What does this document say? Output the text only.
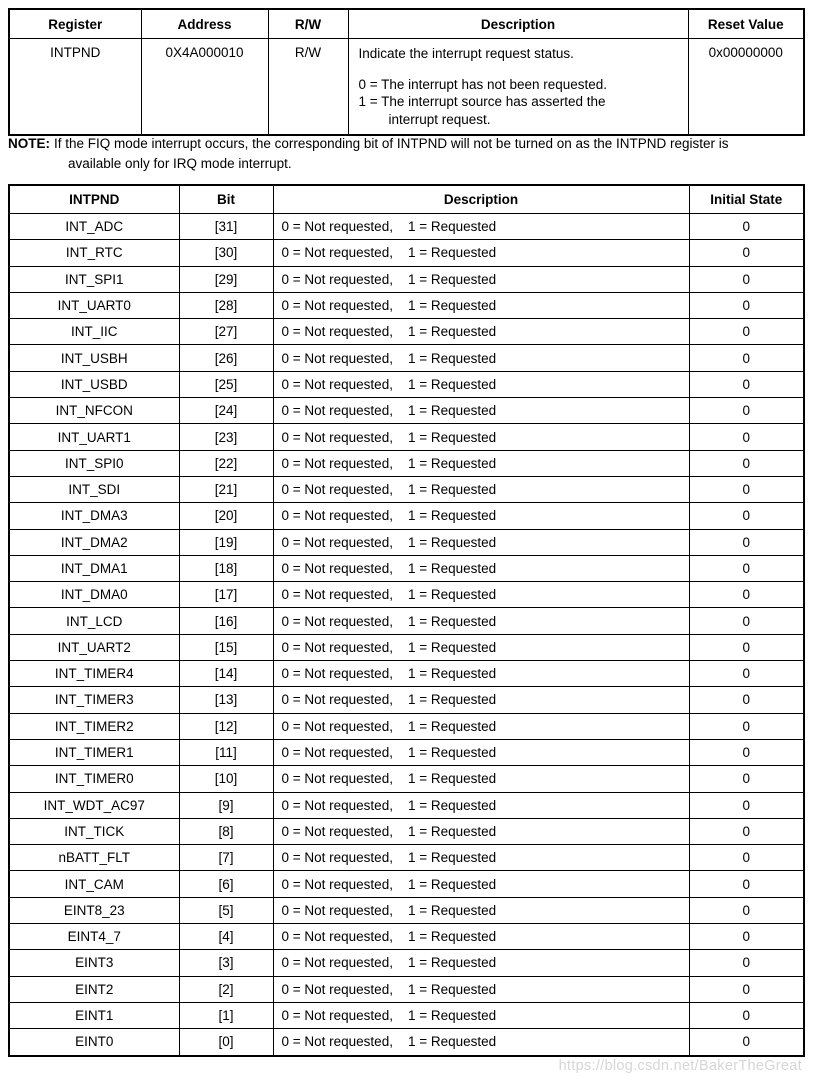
Register	Address	R/W	Description	Reset Value
INTPND	0X4A000010	R/W	Indicate the interrupt request status.
0 = The interrupt has not been requested.
1 = The interrupt source has asserted the
interrupt request.	0x00000000
NOTE: If the FIQ mode interrupt occurs, the corresponding bit of INTPND will not be turned on as the INTPND register is
available only for IRQ mode interrupt.
INTPND	Bit	Description	Initial State
INT_ADC	[31]	0 = Not requested,    1 = Requested	0
INT_RTC	[30]	0 = Not requested,    1 = Requested	0
INT_SPI1	[29]	0 = Not requested,    1 = Requested	0
INT_UART0	[28]	0 = Not requested,    1 = Requested	0
INT_IIC	[27]	0 = Not requested,    1 = Requested	0
INT_USBH	[26]	0 = Not requested,    1 = Requested	0
INT_USBD	[25]	0 = Not requested,    1 = Requested	0
INT_NFCON	[24]	0 = Not requested,    1 = Requested	0
INT_UART1	[23]	0 = Not requested,    1 = Requested	0
INT_SPI0	[22]	0 = Not requested,    1 = Requested	0
INT_SDI	[21]	0 = Not requested,    1 = Requested	0
INT_DMA3	[20]	0 = Not requested,    1 = Requested	0
INT_DMA2	[19]	0 = Not requested,    1 = Requested	0
INT_DMA1	[18]	0 = Not requested,    1 = Requested	0
INT_DMA0	[17]	0 = Not requested,    1 = Requested	0
INT_LCD	[16]	0 = Not requested,    1 = Requested	0
INT_UART2	[15]	0 = Not requested,    1 = Requested	0
INT_TIMER4	[14]	0 = Not requested,    1 = Requested	0
INT_TIMER3	[13]	0 = Not requested,    1 = Requested	0
INT_TIMER2	[12]	0 = Not requested,    1 = Requested	0
INT_TIMER1	[11]	0 = Not requested,    1 = Requested	0
INT_TIMER0	[10]	0 = Not requested,    1 = Requested	0
INT_WDT_AC97	[9]	0 = Not requested,    1 = Requested	0
INT_TICK	[8]	0 = Not requested,    1 = Requested	0
nBATT_FLT	[7]	0 = Not requested,    1 = Requested	0
INT_CAM	[6]	0 = Not requested,    1 = Requested	0
EINT8_23	[5]	0 = Not requested,    1 = Requested	0
EINT4_7	[4]	0 = Not requested,    1 = Requested	0
EINT3	[3]	0 = Not requested,    1 = Requested	0
EINT2	[2]	0 = Not requested,    1 = Requested	0
EINT1	[1]	0 = Not requested,    1 = Requested	0
EINT0	[0]	0 = Not requested,    1 = Requested	0
https://blog.csdn.net/BakerTheGreat
